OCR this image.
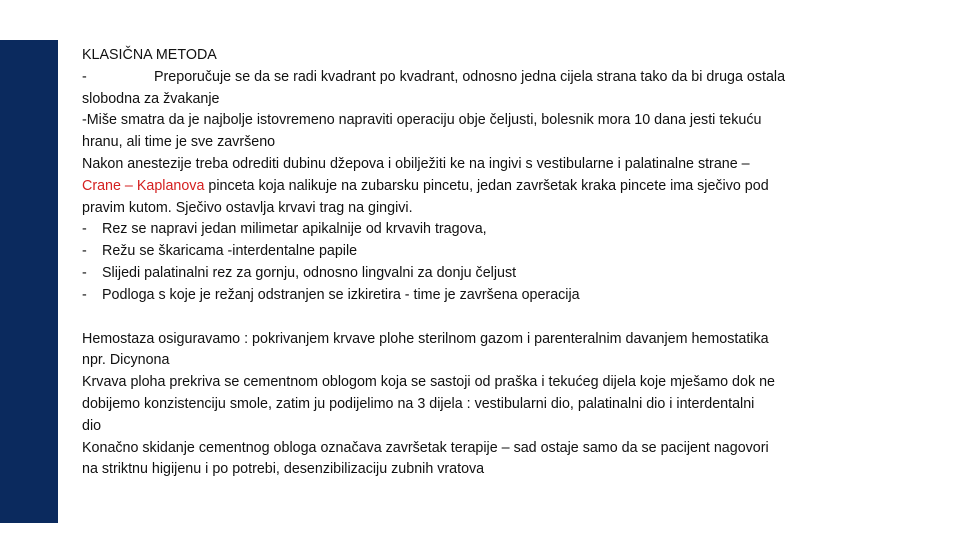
KLASIČNA METODA
-	Preporučuje se da se radi kvadrant po kvadrant, odnosno jedna cijela strana tako da bi druga ostala
slobodna za žvakanje
-Miše smatra da je najbolje istovremeno napraviti operaciju obje čeljusti, bolesnik mora 10 dana jesti tekuću
hranu, ali time je sve završeno
Nakon anestezije treba odrediti dubinu džepova i obilježiti ke na ingivi s vestibularne i palatinalne strane –
Crane – Kaplanova pinceta koja nalikuje na zubarsku pincetu, jedan završetak kraka pincete ima sječivo pod
pravim kutom. Sječivo ostavlja krvavi trag na gingivi.
-	Rez se napravi jedan milimetar apikalnije od krvavih tragova,
-	Režu se škaricama -interdentalne papile
-	Slijedi palatinalni rez za gornju, odnosno lingvalni za donju čeljust
-	Podloga s koje je režanj odstranjen se izkiretira - time je završena operacija
Hemostaza osiguravamo : pokrivanjem krvave plohe sterilnom gazom i parenteralnim davanjem hemostatika
npr. Dicynona
Krvava ploha prekriva se cementnom oblogom koja se sastoji od praška i tekućeg dijela koje mješamo dok ne
dobijemo konzistenciju smole, zatim ju podijelimo na 3 dijela : vestibularni dio, palatinalni dio i interdentalni
dio
Konačno skidanje cementnog obloga označava završetak terapije – sad ostaje samo da se pacijent nagovori
na striktnu higijenu i po potrebi, desenzibilizaciju zubnih vratova
